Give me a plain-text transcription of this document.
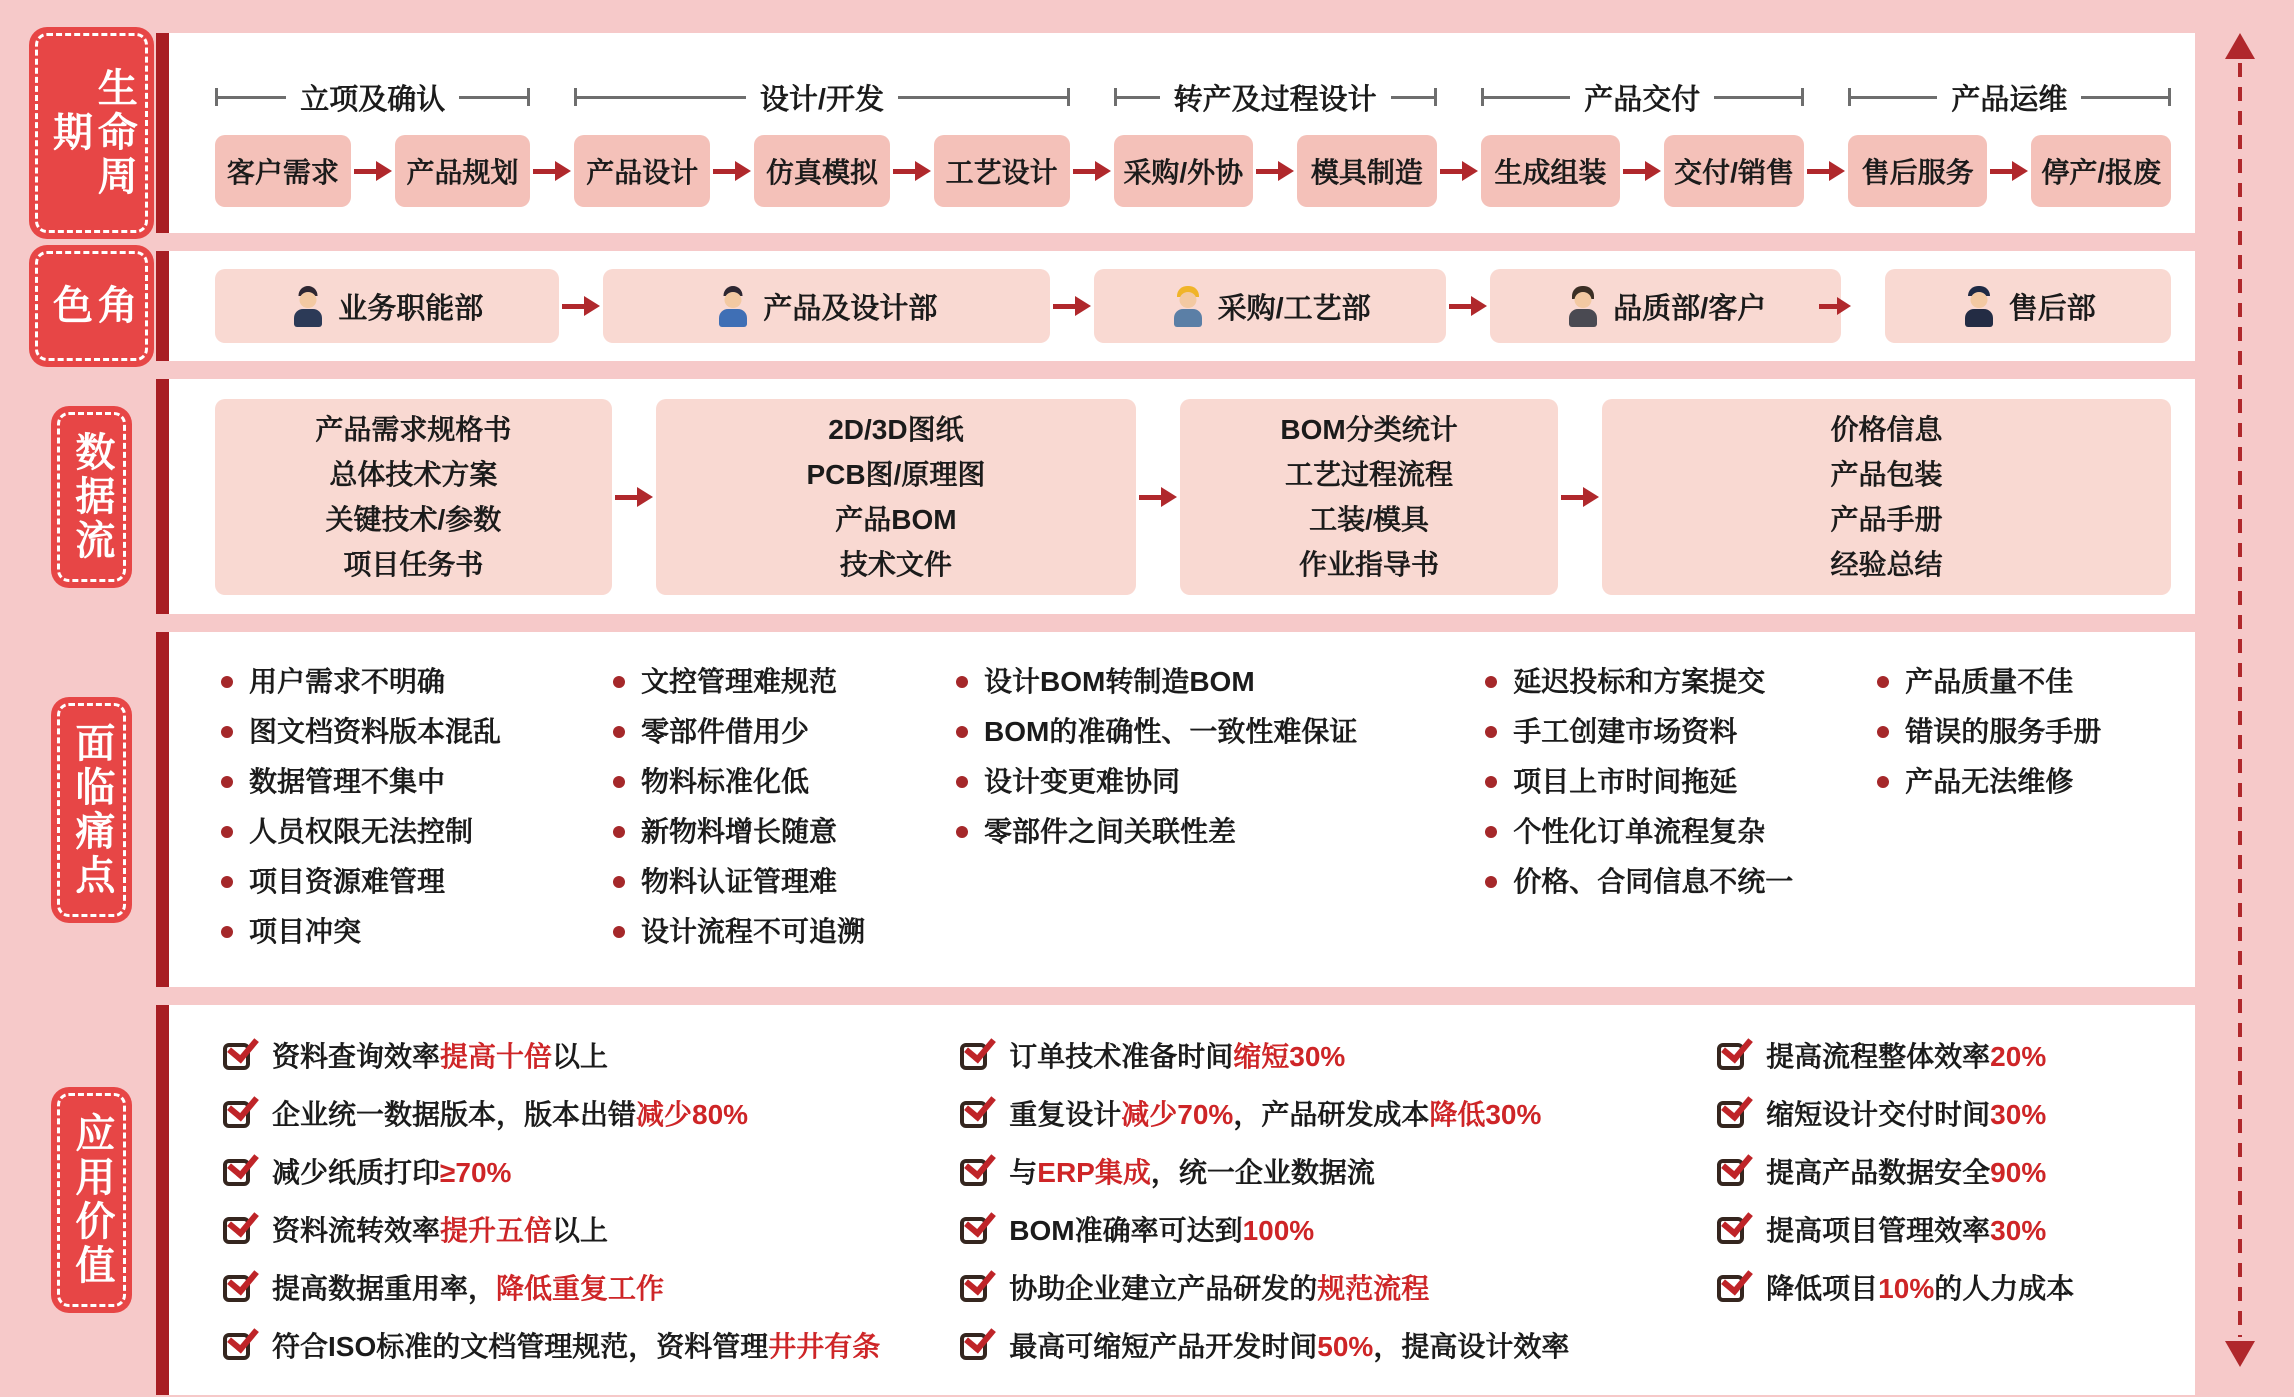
生命周期
立项及确认
客户需求	产品规划
设计/开发
产品设计	仿真模拟	工艺设计
转产及过程设计
采购/外协	模具制造
产品交付
生成组装	交付/销售
产品运维
售后服务	停产/报废
角色	业务职能部	产品及设计部	采购/工艺部	品质部/客户	售后部
数据流
产品需求规格书
总体技术方案
关键技术/参数
项目任务书
2D/3D图纸
PCB图/原理图
产品BOM
技术文件
BOM分类统计
工艺过程流程
工装/模具
作业指导书
价格信息
产品包装
产品手册
经验总结
面临痛点
用户需求不明确
图文档资料版本混乱
数据管理不集中
人员权限无法控制
项目资源难管理
项目冲突
文控管理难规范
零部件借用少
物料标准化低
新物料增长随意
物料认证管理难
设计流程不可追溯
设计BOM转制造BOM
BOM的准确性、一致性难保证
设计变更难协同
零部件之间关联性差
延迟投标和方案提交
手工创建市场资料
项目上市时间拖延
个性化订单流程复杂
价格、合同信息不统一
产品质量不佳
错误的服务手册
产品无法维修
应用价值
资料查询效率提高十倍以上
企业统一数据版本，版本出错减少80%
减少纸质打印≥70%
资料流转效率提升五倍以上
提高数据重用率，降低重复工作
符合ISO标准的文档管理规范，资料管理井井有条
订单技术准备时间缩短30%
重复设计减少70%，产品研发成本降低30%
与ERP集成，统一企业数据流
BOM准确率可达到100%
协助企业建立产品研发的规范流程
最高可缩短产品开发时间50%，提高设计效率
提高流程整体效率20%
缩短设计交付时间30%
提高产品数据安全90%
提高项目管理效率30%
降低项目10%的人力成本
